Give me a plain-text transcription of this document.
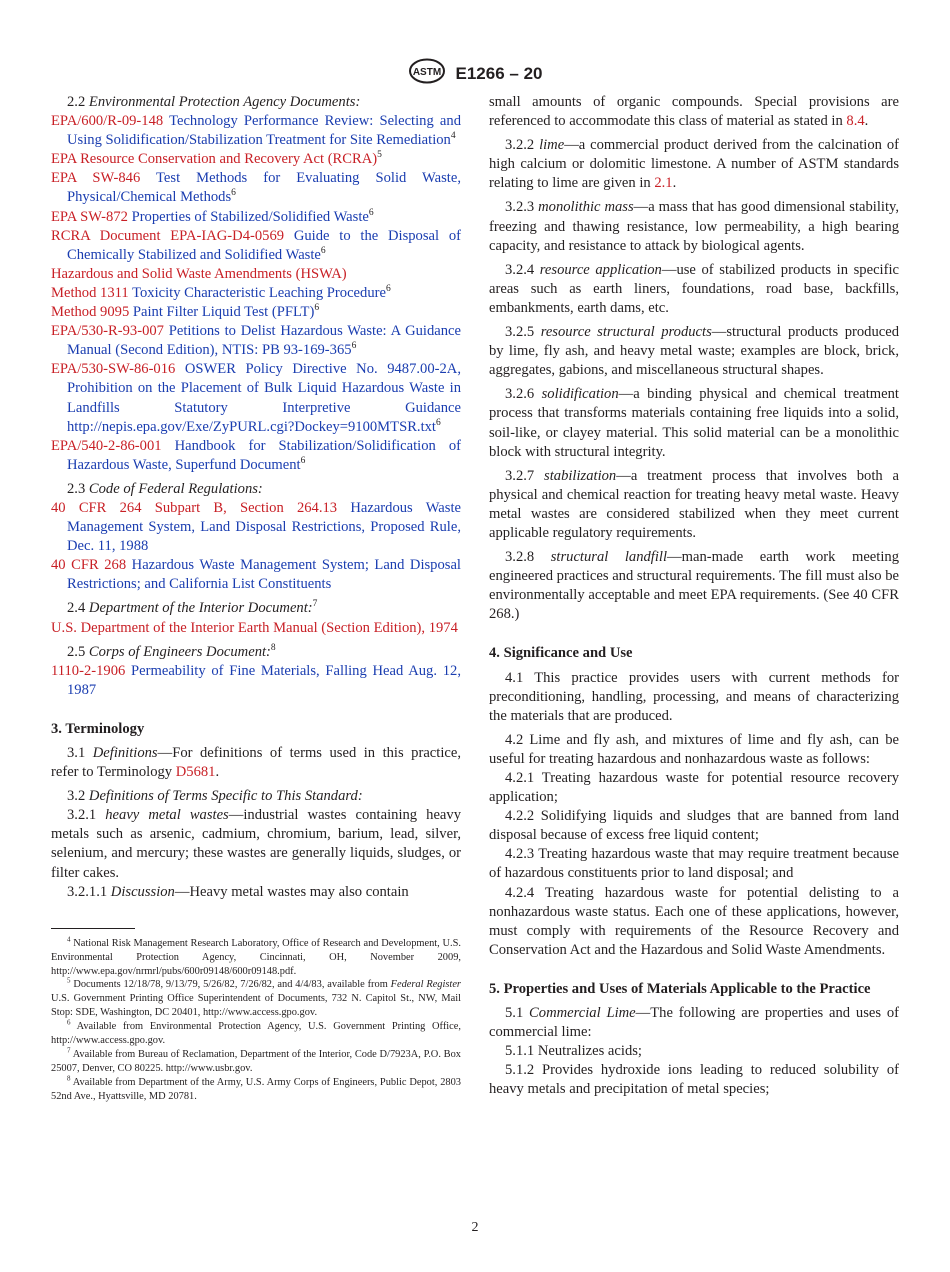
ASTM E1266 – 20

2.2 Environmental Protection Agency Documents:

EPA/600/R-09-148 Technology Performance Review: Selecting and Using Solidification/Stabilization Treatment for Site Remediation$^4$

EPA Resource Conservation and Recovery Act (RCRA)$^5$

EPA SW-846 Test Methods for Evaluating Solid Waste, Physical/Chemical Methods$^6$

EPA SW-872 Properties of Stabilized/Solidified Waste$^6$

RCRA Document EPA-IAG-D4-0569 Guide to the Disposal of Chemically Stabilized and Solidified Waste$^6$

Hazardous and Solid Waste Amendments (HSWA)

Method 1311 Toxicity Characteristic Leaching Procedure$^6$

Method 9095 Paint Filter Liquid Test (PFLT)$^6$

EPA/530-R-93-007 Petitions to Delist Hazardous Waste: A Guidance Manual (Second Edition), NTIS: PB $93-169-365^6$

EPA/530-SW-86-016 OSWER Policy Directive No. 9487.00-2A, Prohibition on the Placement of Bulk Liquid Hazardous Waste in Landfills Statutory Interpretive Guidance http://nepis.epa.gov/Exe/ZyPURL.cgi?Dockey=9100MTSR.txt$^6$

EPA/540-2-86-001 Handbook for Stabilization/Solidification of Hazardous Waste, Superfund Document$^6$

2.3 Code of Federal Regulations:

40 CFR 264 Subpart B, Section 264.13 Hazardous Waste Management System, Land Disposal Restrictions, Proposed Rule, Dec. 11, 1988

40 CFR 268 Hazardous Waste Management System; Land Disposal Restrictions; and California List Constituents

2.4 Department of the Interior Document:$^7$

U.S. Department of the Interior Earth Manual (Section Edition), 1974

2.5 Corps of Engineers Document:$^8$

1110-2-1906 Permeability of Fine Materials, Falling Head Aug. 12, 1987

3. Terminology

3.1 Definitions—For definitions of terms used in this practice, refer to Terminology D5681.

3.2 Definitions of Terms Specific to This Standard:

3.2.1 heavy metal wastes—industrial wastes containing heavy metals such as arsenic, cadmium, chromium, barium, lead, silver, selenium, and mercury; these wastes are generally liquids, sludges, or filter cakes.

3.2.1.1 Discussion—Heavy metal wastes may also contain

$^4$ National Risk Management Research Laboratory, Office of Research and Development, U.S. Environmental Protection Agency, Cincinnati, OH, November 2009, http://www.epa.gov/nrmrl/pubs/600r09148/600r09148.pdf.

$^5$ Documents 12/18/78, 9/13/79, 5/26/82, 7/26/82, and 4/4/83, available from Federal Register U.S. Government Printing Office Superintendent of Documents, 732 N. Capitol St., NW, Mail Stop: SDE, Washington, DC 20401, http://www.access.gpo.gov.

$^6$ Available from Environmental Protection Agency, U.S. Government Printing Office, http://www.access.gpo.gov.

$^7$ Available from Bureau of Reclamation, Department of the Interior, Code D/7923A, P.O. Box 25007, Denver, CO 80225. http://www.usbr.gov.

$^8$ Available from Department of the Army, U.S. Army Corps of Engineers, Public Depot, 2803 52nd Ave., Hyattsville, MD 20781.

small amounts of organic compounds. Special provisions are referenced to accommodate this class of material as stated in 8.4.

3.2.2 lime—a commercial product derived from the calcination of high calcium or dolomitic limestone. A number of ASTM standards relating to lime are given in 2.1.

3.2.3 monolithic mass—a mass that has good dimensional stability, freezing and thawing resistance, low permeability, a high bearing capacity, and resistance to attack by biological agents.

3.2.4 resource application—use of stabilized products in specific areas such as earth liners, foundations, road base, backfills, embankments, earth dams, etc.

3.2.5 resource structural products—structural products produced by lime, fly ash, and heavy metal waste; examples are block, brick, aggregates, gabions, and miscellaneous structural shapes.

3.2.6 solidification—a binding physical and chemical treatment process that transforms materials containing free liquids into a solid, soil-like, or clayey material. This solid material can be a monolithic block with structural integrity.

3.2.7 stabilization—a treatment process that involves both a physical and chemical reaction for treating heavy metal waste. Heavy metal wastes are considered stabilized when they meet current applicable regulatory requirements.

3.2.8 structural landfill—man-made earth work meeting engineered practices and structural requirements. The fill must also be environmentally acceptable and meet EPA requirements. (See 40 CFR 268.)

4. Significance and Use

4.1 This practice provides users with current methods for preconditioning, handling, processing, and means of characterizing the materials that are produced.

4.2 Lime and fly ash, and mixtures of lime and fly ash, can be useful for treating hazardous and nonhazardous waste as follows:

4.2.1 Treating hazardous waste for potential resource recovery application;

4.2.2 Solidifying liquids and sludges that are banned from land disposal because of excess free liquid content;

4.2.3 Treating hazardous waste that may require treatment because of hazardous constituents prior to land disposal; and

4.2.4 Treating hazardous waste for potential delisting to a nonhazardous waste status. Each one of these applications, however, must comply with requirements of the Resource Recovery and Conservation Act and the Hazardous and Solid Waste Amendments.

5. Properties and Uses of Materials Applicable to the Practice

5.1 Commercial Lime—The following are properties and uses of commercial lime:

5.1.1 Neutralizes acids;

5.1.2 Provides hydroxide ions leading to reduced solubility of heavy metals and precipitation of metal species;

2
